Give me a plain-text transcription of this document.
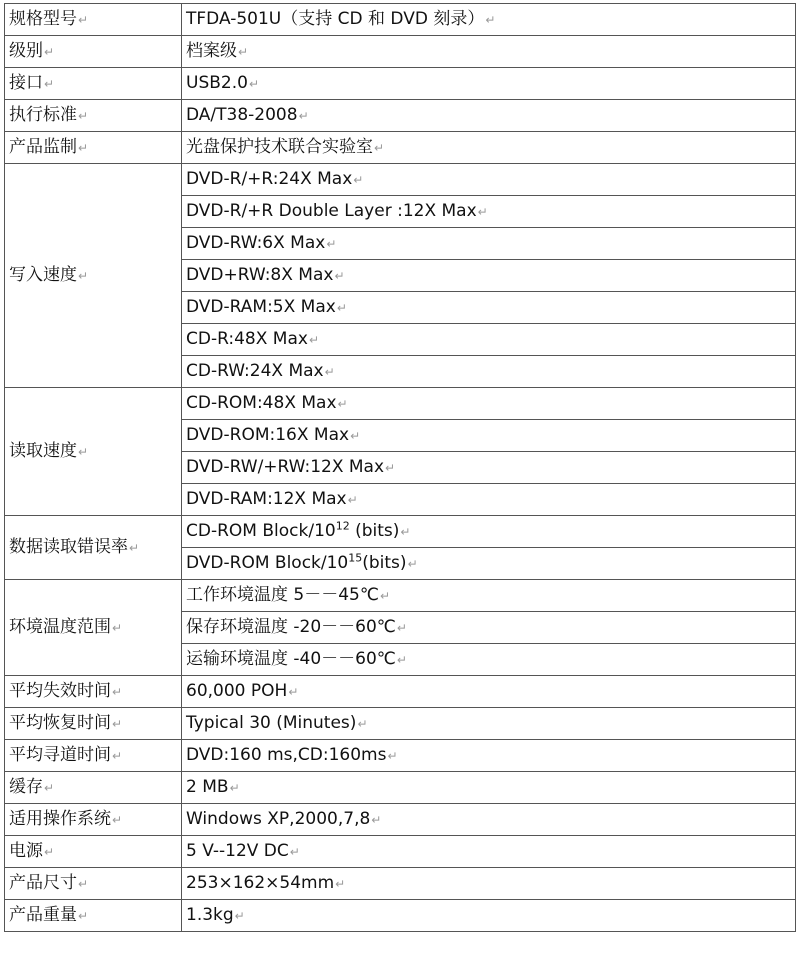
规格型号↵	TFDA-501U（支持 CD 和 DVD 刻录）↵
级别↵	档案级↵
接口↵	USB2.0↵
执行标准↵	DA/T38-2008↵
产品监制↵	光盘保护技术联合实验室↵
写入速度↵	DVD-R/+R:24X Max↵
	DVD-R/+R Double Layer :12X Max↵
	DVD-RW:6X Max↵
	DVD+RW:8X Max↵
	DVD-RAM:5X Max↵
	CD-R:48X Max↵
	CD-RW:24X Max↵
读取速度↵	CD-ROM:48X Max↵
	DVD-ROM:16X Max↵
	DVD-RW/+RW:12X Max↵
	DVD-RAM:12X Max↵
数据读取错误率↵	CD-ROM Block/$10^{12}$ (bits)↵
	DVD-ROM Block/$10^{15}(bits)↵$
环境温度范围↵	工作环境温度 5－－45℃↵
	保存环境温度 -20－－60℃↵
	运输环境温度 -40－－60℃↵
平均失效时间↵	60,000 POH↵
平均恢复时间↵	Typical 30 (Minutes)↵
平均寻道时间↵	DVD:160 ms,CD:160ms↵
缓存↵	2 MB↵
适用操作系统↵	Windows XP,2000,7,8↵
电源↵	5 V--12V DC↵
产品尺寸↵	253×162×54mm↵
产品重量↵	1.3kg↵
